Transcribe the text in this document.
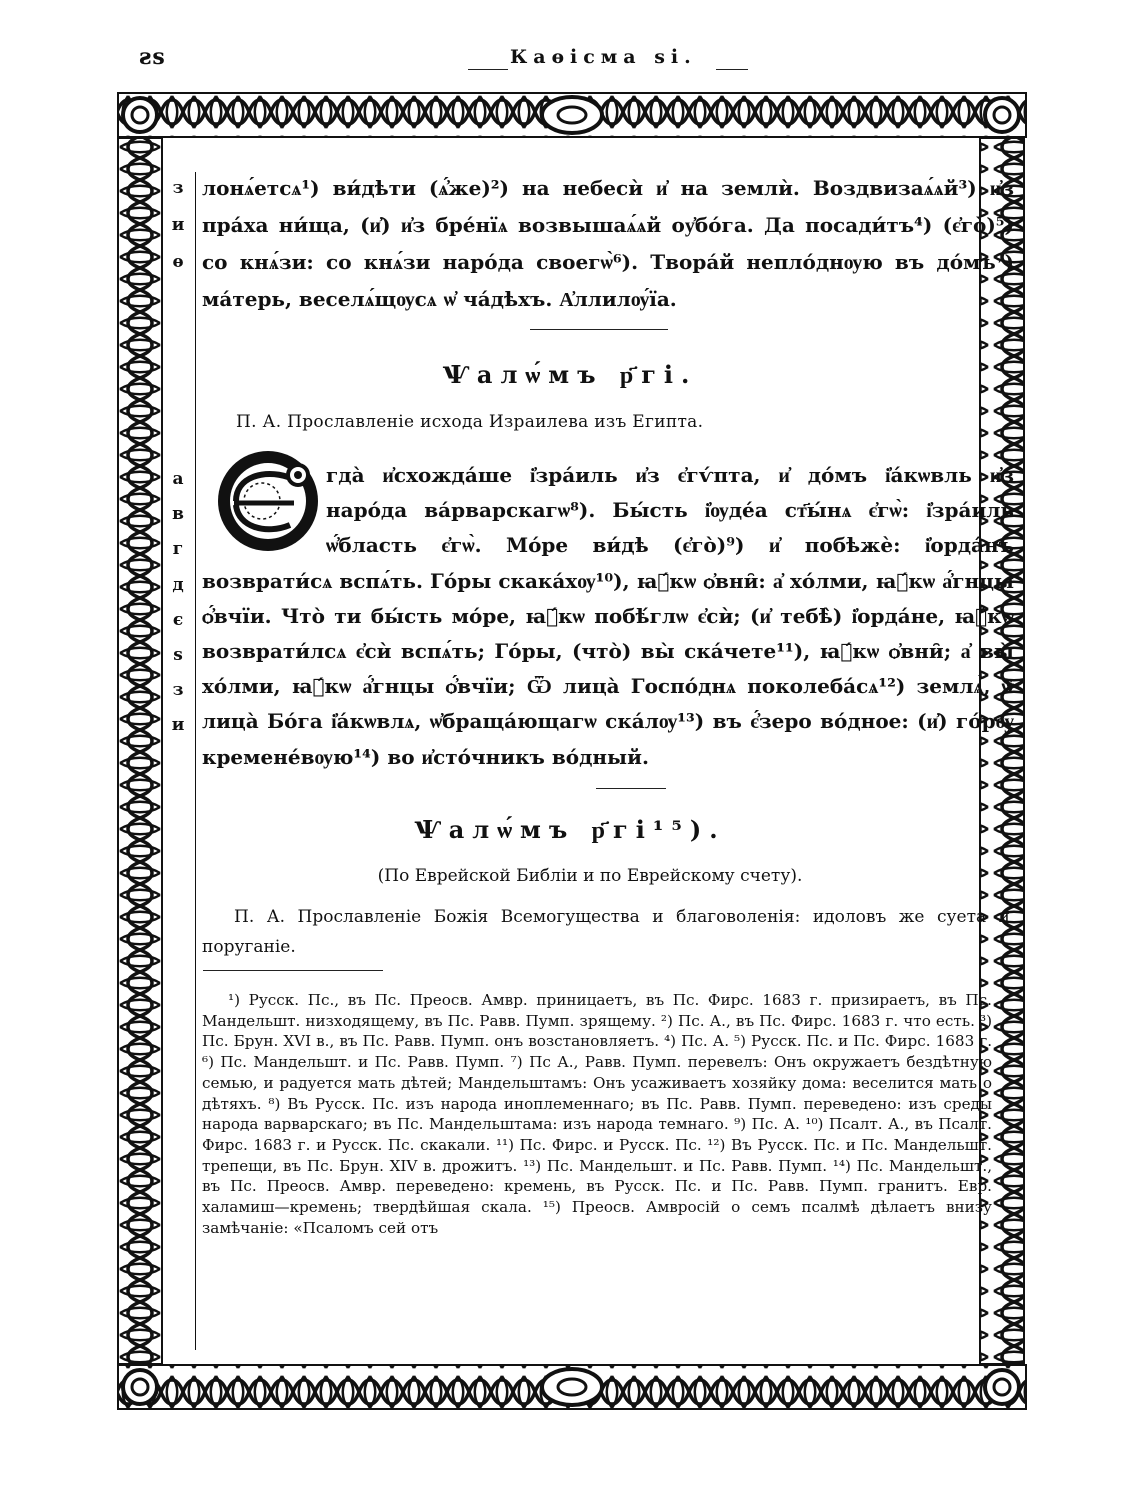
ꙅѕ	Каѳісма sі.
з
и
ѳ
лонѧ́етсѧ¹) ви́дѣти (ѧ҆́же)²) на небесѝ и҆ на землѝ. Воздвизаѧ́ѧй³) и҆з пра́ха ни́ща, (и҆) и҆з бре́нїѧ возвышаѧ́ѧй оу҆бо́га. Да посади́тъ⁴) (є҆го̀)⁵) со кнѧ́зи: со кнѧ́зи наро́да своегѡ̀⁶). Твора́й непло́днѹю въ до́мъ⁷) ма́терь, веселѧ́щѹсѧ ѡ҆ ча́дѣхъ. А҆ллилѹ́їа.
Ѱалѡ́мъ р҃гі.
П. А. Прославленіе исхода Израилева изъ Египта.
а
в
г
д
є
ѕ
з
и
гда̀ и҆схожда́ше і҆зра́иль и҆з є҆гѵ́пта, и҆ до́мъ і҆а́кѡвль и҆з наро́да ва́рварскагѡ⁸). Бы́сть і҆ѹде́а ст҃ы́нѧ є҆гѡ̀: і҆зра́иль ѡ҆́бласть є҆гѡ̀. Мо́ре ви́дѣ (є҆го̀)⁹) и҆ побѣжѐ: і҆орда́нъ возврати́сѧ вспѧ́ть. Го́ры скака́хѹ¹⁰), ꙗ҆́кѡ ѻ҆вни̑: а҆ хо́лми, ꙗ҆́кѡ а҆́гнцы ѻ҆́вчїи. Что̀ ти бы́сть мо́ре, ꙗ҆́кѡ побѣ́глѡ є҆сѝ; (и҆ тебѣ̀) і҆орда́не, ꙗ҆́кѡ возврати́лсѧ є҆сѝ вспѧ́ть; Го́ры, (что̀) вы̀ ска́чете¹¹), ꙗ҆́кѡ ѻ҆вни̑; а҆ вы̀ хо́лми, ꙗ҆́кѡ а҆́гнцы ѻ҆́вчїи; Ѿ лица̀ Госпо́днѧ поколеба́сѧ¹²) землѧ̀, ѿ лица̀ Бо́га і҆а́кѡвлѧ, ѡ҆браща́ющагѡ ска́лѹ¹³) въ є҆́зеро во́дное: (и҆) го́рѹ кремене́вѹю¹⁴) во и҆сто́чникъ во́дный.
Ѱалѡ́мъ р҃гі¹⁵).
(По Еврейской Библіи и по Еврейскому счету).
П. А. Прославленіе Божія Всемогущества и благоволенія: идоловъ же суета и поруганіе.
¹) Русск. Пс., въ Пс. Преосв. Амвр. приницаетъ, въ Пс. Фирс. 1683 г. призираетъ, въ Пс. Мандельшт. низходящему, въ Пс. Равв. Пумп. зрящему. ²) Пс. А., въ Пс. Фирс. 1683 г. что есть. ³) Пс. Брун. XVI в., въ Пс. Равв. Пумп. онъ возстановляетъ. ⁴) Пс. А. ⁵) Русск. Пс. и Пс. Фирс. 1683 г. ⁶) Пс. Мандельшт. и Пс. Равв. Пумп. ⁷) Пс А., Равв. Пумп. перевелъ: Онъ окружаетъ бездѣтную семью, и радуется мать дѣтей; Мандельштамъ: Онъ усаживаетъ хозяйку дома: веселится мать о дѣтяхъ. ⁸) Въ Русск. Пс. изъ народа иноплеменнаго; въ Пс. Равв. Пумп. переведено: изъ среды народа варварскаго; въ Пс. Мандельштама: изъ народа темнаго. ⁹) Пс. А. ¹⁰) Псалт. А., въ Псалт. Фирс. 1683 г. и Русск. Пс. скакали. ¹¹) Пс. Фирс. и Русск. Пс. ¹²) Въ Русск. Пс. и Пс. Мандельшт. трепещи, въ Пс. Брун. XIV в. дрожитъ. ¹³) Пс. Мандельшт. и Пс. Равв. Пумп. ¹⁴) Пс. Мандельшт., въ Пс. Преосв. Амвр. переведено: кремень, въ Русск. Пс. и Пс. Равв. Пумп. гранитъ. Евр. халамиш—кремень; твердѣйшая скала. ¹⁵) Преосв. Амвросій о семъ псалмѣ дѣлаетъ внизу замѣчаніе: «Псаломъ сей отъ
